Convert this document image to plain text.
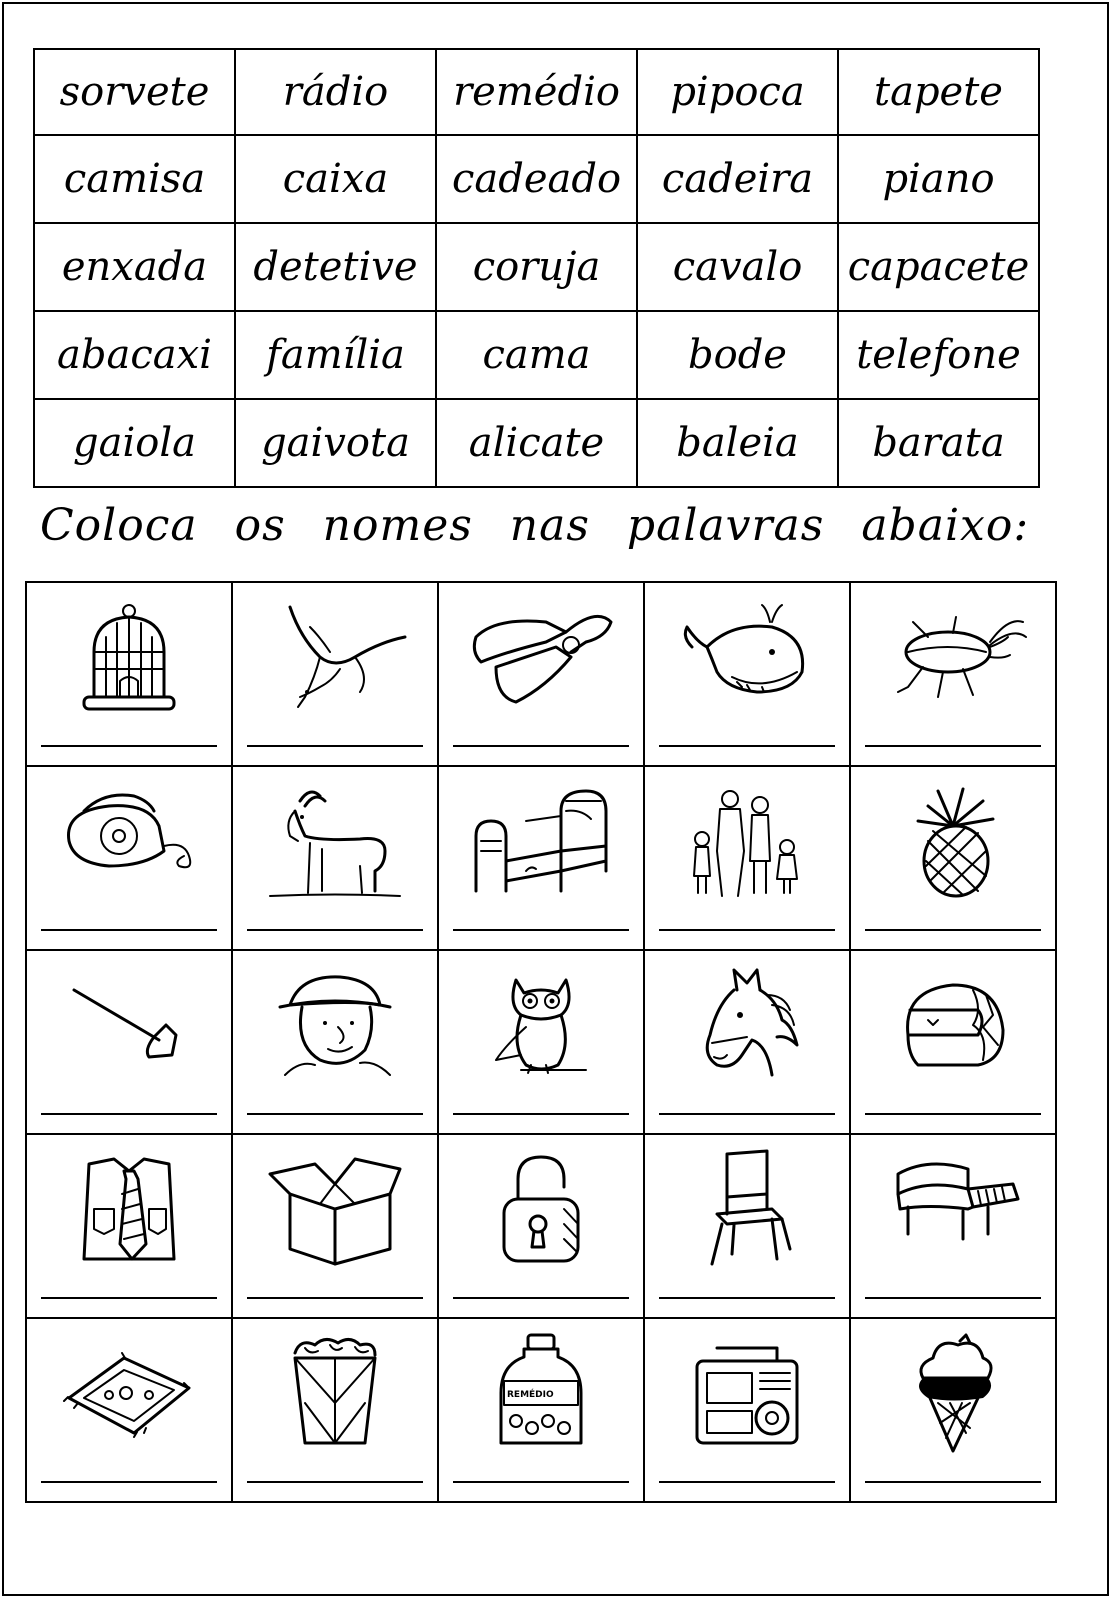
sorvete	rádio	remédio	pipoca	tapete
camisa	caixa	cadeado	cadeira	piano
enxada	detetive	coruja	cavalo	capacete
abacaxi	família	cama	bode	telefone
gaiola	gaivota	alicate	baleia	barata
Coloca os nomes nas palavras abaixo:

REMÉDIO
